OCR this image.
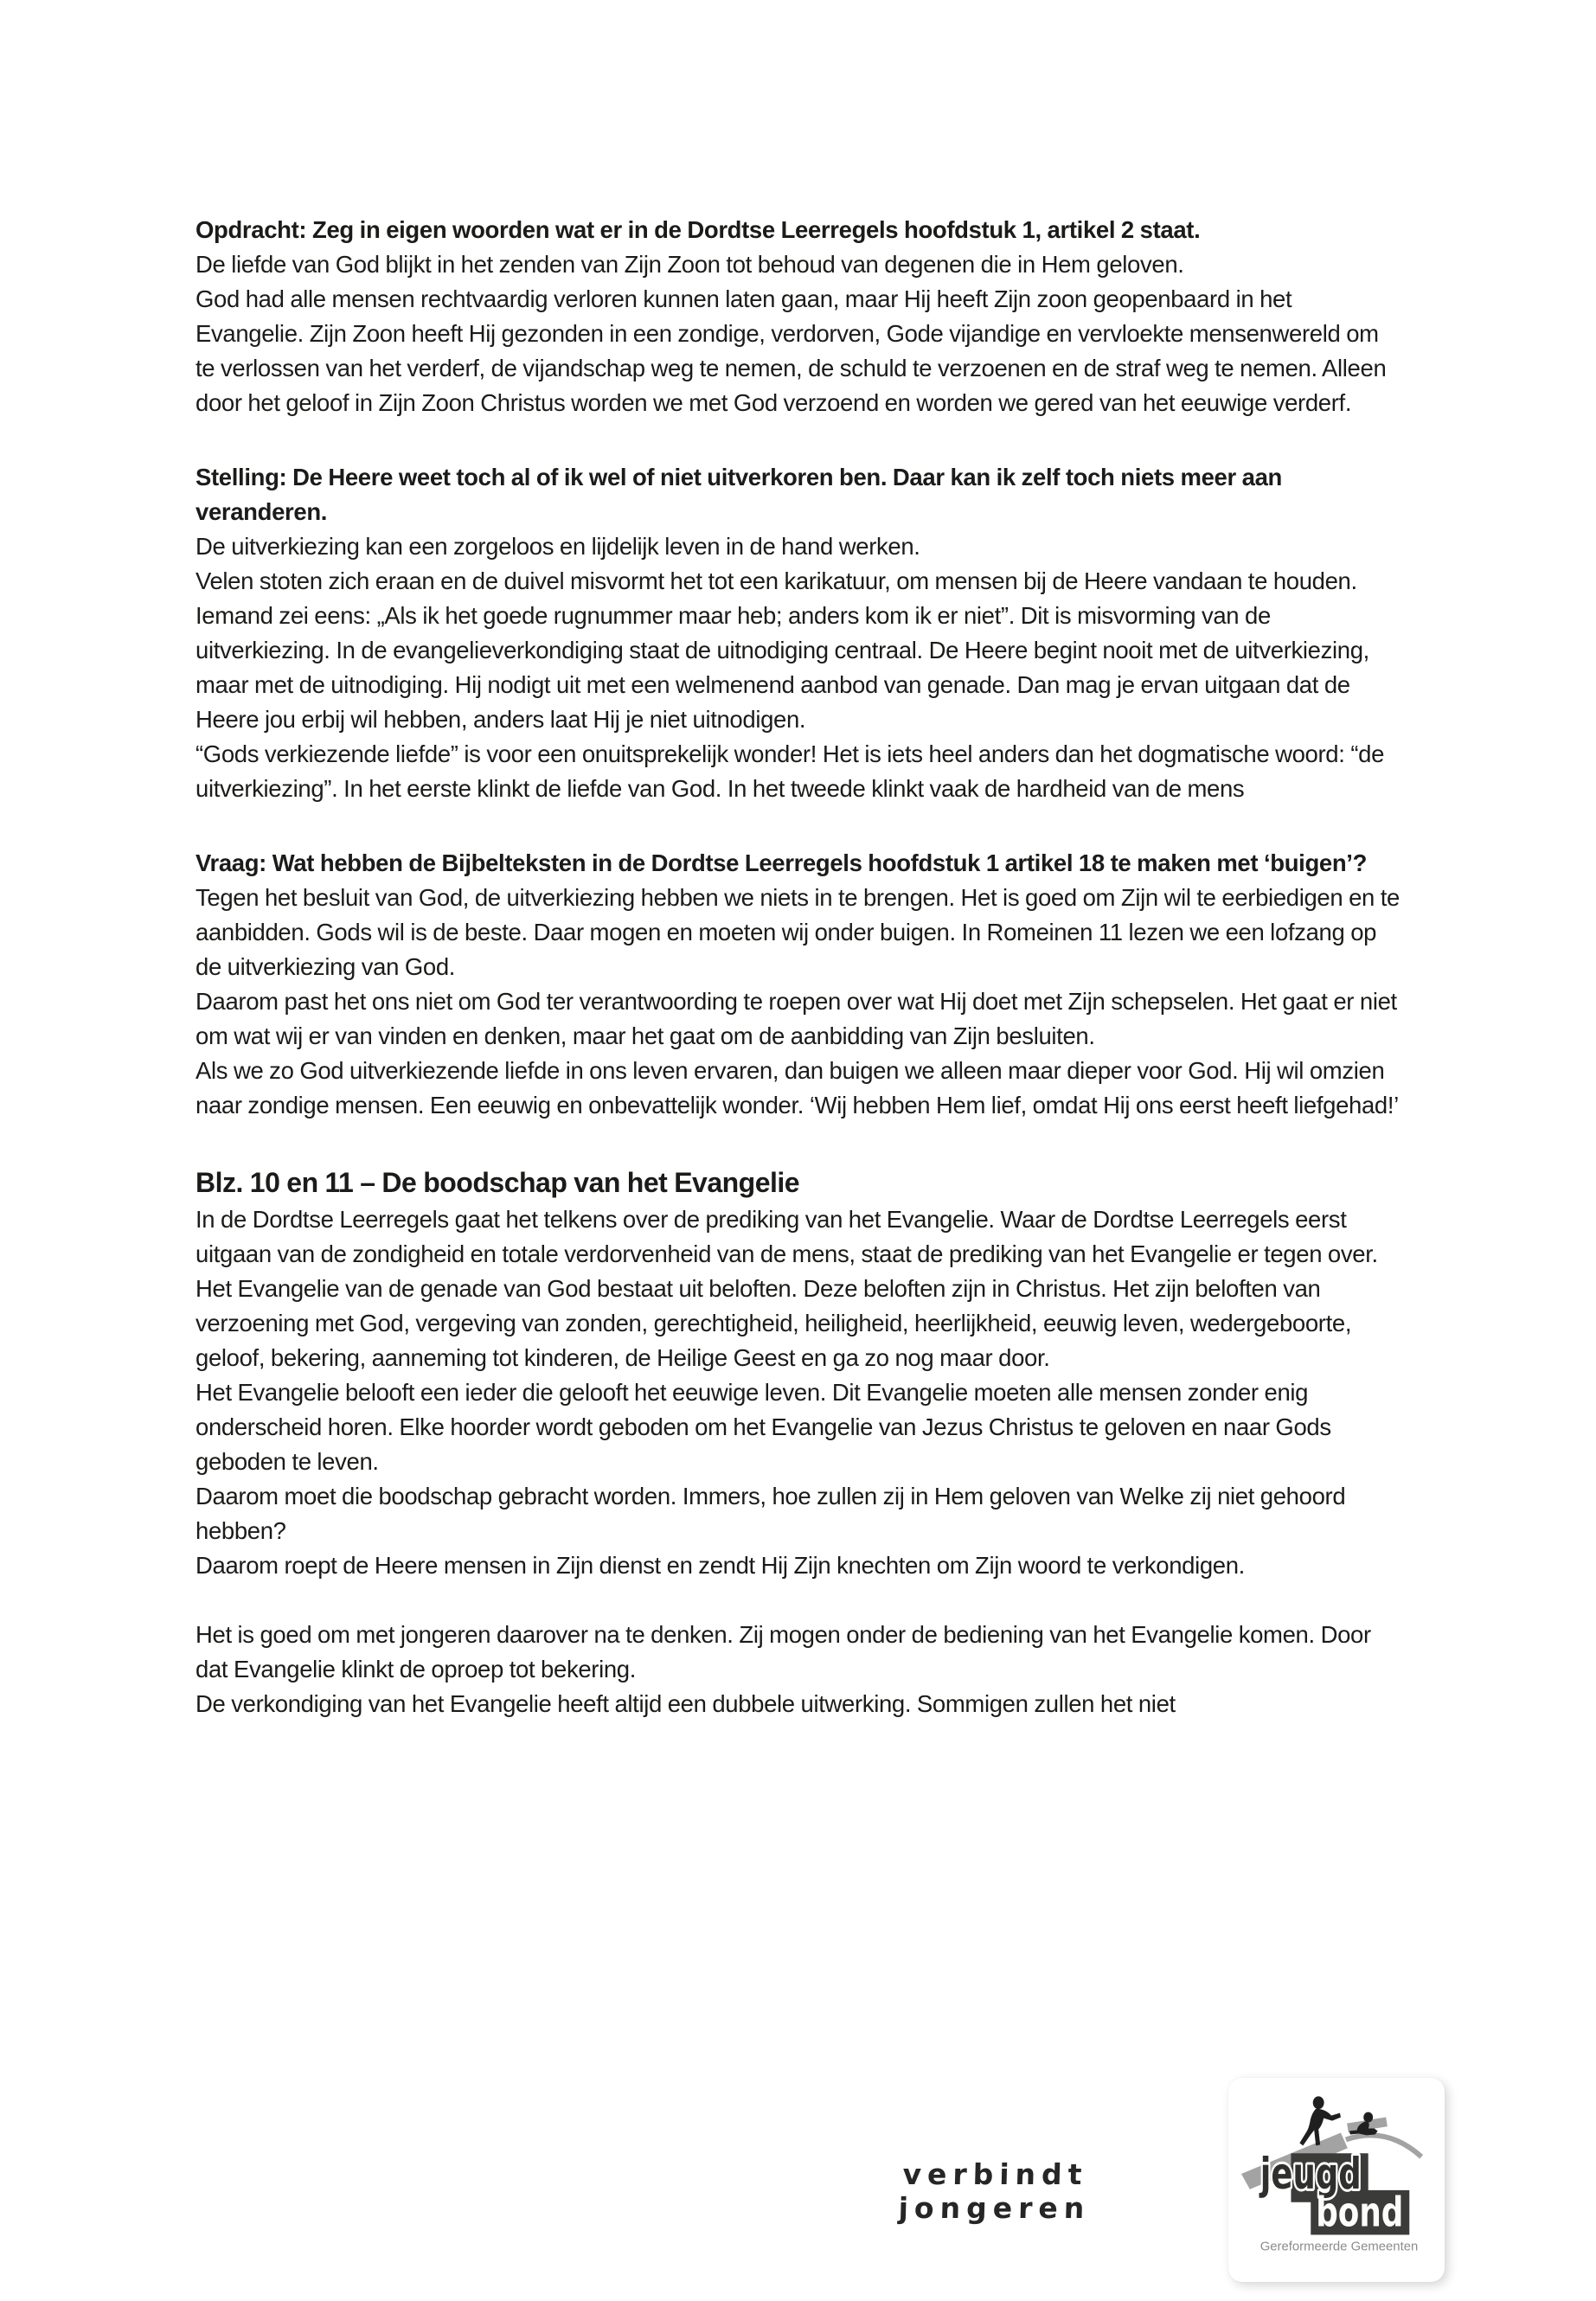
Opdracht: Zeg in eigen woorden wat er in de Dordtse Leerregels hoofdstuk 1, artikel 2 staat.

De liefde van God blijkt in het zenden van Zijn Zoon tot behoud van degenen die in Hem geloven.

God had alle mensen rechtvaardig verloren kunnen laten gaan, maar Hij heeft Zijn zoon geopenbaard in het Evangelie. Zijn Zoon heeft Hij gezonden in een zondige, verdorven, Gode vijandige en vervloekte mensenwereld om te verlossen van het verderf, de vijandschap weg te nemen, de schuld te verzoenen en de straf weg te nemen. Alleen door het geloof in Zijn Zoon Christus worden we met God verzoend en worden we gered van het eeuwige verderf.

Stelling: De Heere weet toch al of ik wel of niet uitverkoren ben. Daar kan ik zelf toch niets meer aan veranderen.

De uitverkiezing kan een zorgeloos en lijdelijk leven in de hand werken.

Velen stoten zich eraan en de duivel misvormt het tot een karikatuur, om mensen bij de Heere vandaan te houden. Iemand zei eens: „Als ik het goede rugnummer maar heb; anders kom ik er niet”. Dit is misvorming van de uitverkiezing. In de evangelieverkondiging staat de uitnodiging centraal. De Heere begint nooit met de uitverkiezing, maar met de uitnodiging. Hij nodigt uit met een welmenend aanbod van genade. Dan mag je ervan uitgaan dat de Heere jou erbij wil hebben, anders laat Hij je niet uitnodigen.

“Gods verkiezende liefde” is voor een onuitsprekelijk wonder! Het is iets heel anders dan het dogmatische woord: “de uitverkiezing”. In het eerste klinkt de liefde van God. In het tweede klinkt vaak de hardheid van de mens

Vraag: Wat hebben de Bijbelteksten in de Dordtse Leerregels hoofdstuk 1 artikel 18 te maken met ‘buigen’?

Tegen het besluit van God, de uitverkiezing hebben we niets in te brengen. Het is goed om Zijn wil te eerbiedigen en te aanbidden. Gods wil is de beste. Daar mogen en moeten wij onder buigen. In Romeinen 11 lezen we een lofzang op de uitverkiezing van God.

Daarom past het ons niet om God ter verantwoording te roepen over wat Hij doet met Zijn schepselen. Het gaat er niet om wat wij er van vinden en denken, maar het gaat om de aanbidding van Zijn besluiten.

Als we zo God uitverkiezende liefde in ons leven ervaren, dan buigen we alleen maar dieper voor God. Hij wil omzien naar zondige mensen. Een eeuwig en onbevattelijk wonder. ‘Wij hebben Hem lief, omdat Hij ons eerst heeft liefgehad!’

Blz. 10 en 11 – De boodschap van het Evangelie

In de Dordtse Leerregels gaat het telkens over de prediking van het Evangelie. Waar de Dordtse Leerregels eerst uitgaan van de zondigheid en totale verdorvenheid van de mens, staat de prediking van het Evangelie er tegen over. Het Evangelie van de genade van God bestaat uit beloften. Deze beloften zijn in Christus. Het zijn beloften van verzoening met God, vergeving van zonden, gerechtigheid, heiligheid, heerlijkheid, eeuwig leven, wedergeboorte, geloof, bekering, aanneming tot kinderen, de Heilige Geest en ga zo nog maar door.

Het Evangelie belooft een ieder die gelooft het eeuwige leven. Dit Evangelie moeten alle mensen zonder enig onderscheid horen. Elke hoorder wordt geboden om het Evangelie van Jezus Christus te geloven en naar Gods geboden te leven.

Daarom moet die boodschap gebracht worden. Immers, hoe zullen zij in Hem geloven van Welke zij niet gehoord hebben?

Daarom roept de Heere mensen in Zijn dienst en zendt Hij Zijn knechten om Zijn woord te verkondigen.

Het is goed om met jongeren daarover na te denken. Zij mogen onder de bediening van het Evangelie komen. Door dat Evangelie klinkt de oproep tot bekering.

De verkondiging van het Evangelie heeft altijd een dubbele uitwerking. Sommigen zullen het niet

verbindt jongeren
jeugd
bond
Gereformeerde Gemeenten
